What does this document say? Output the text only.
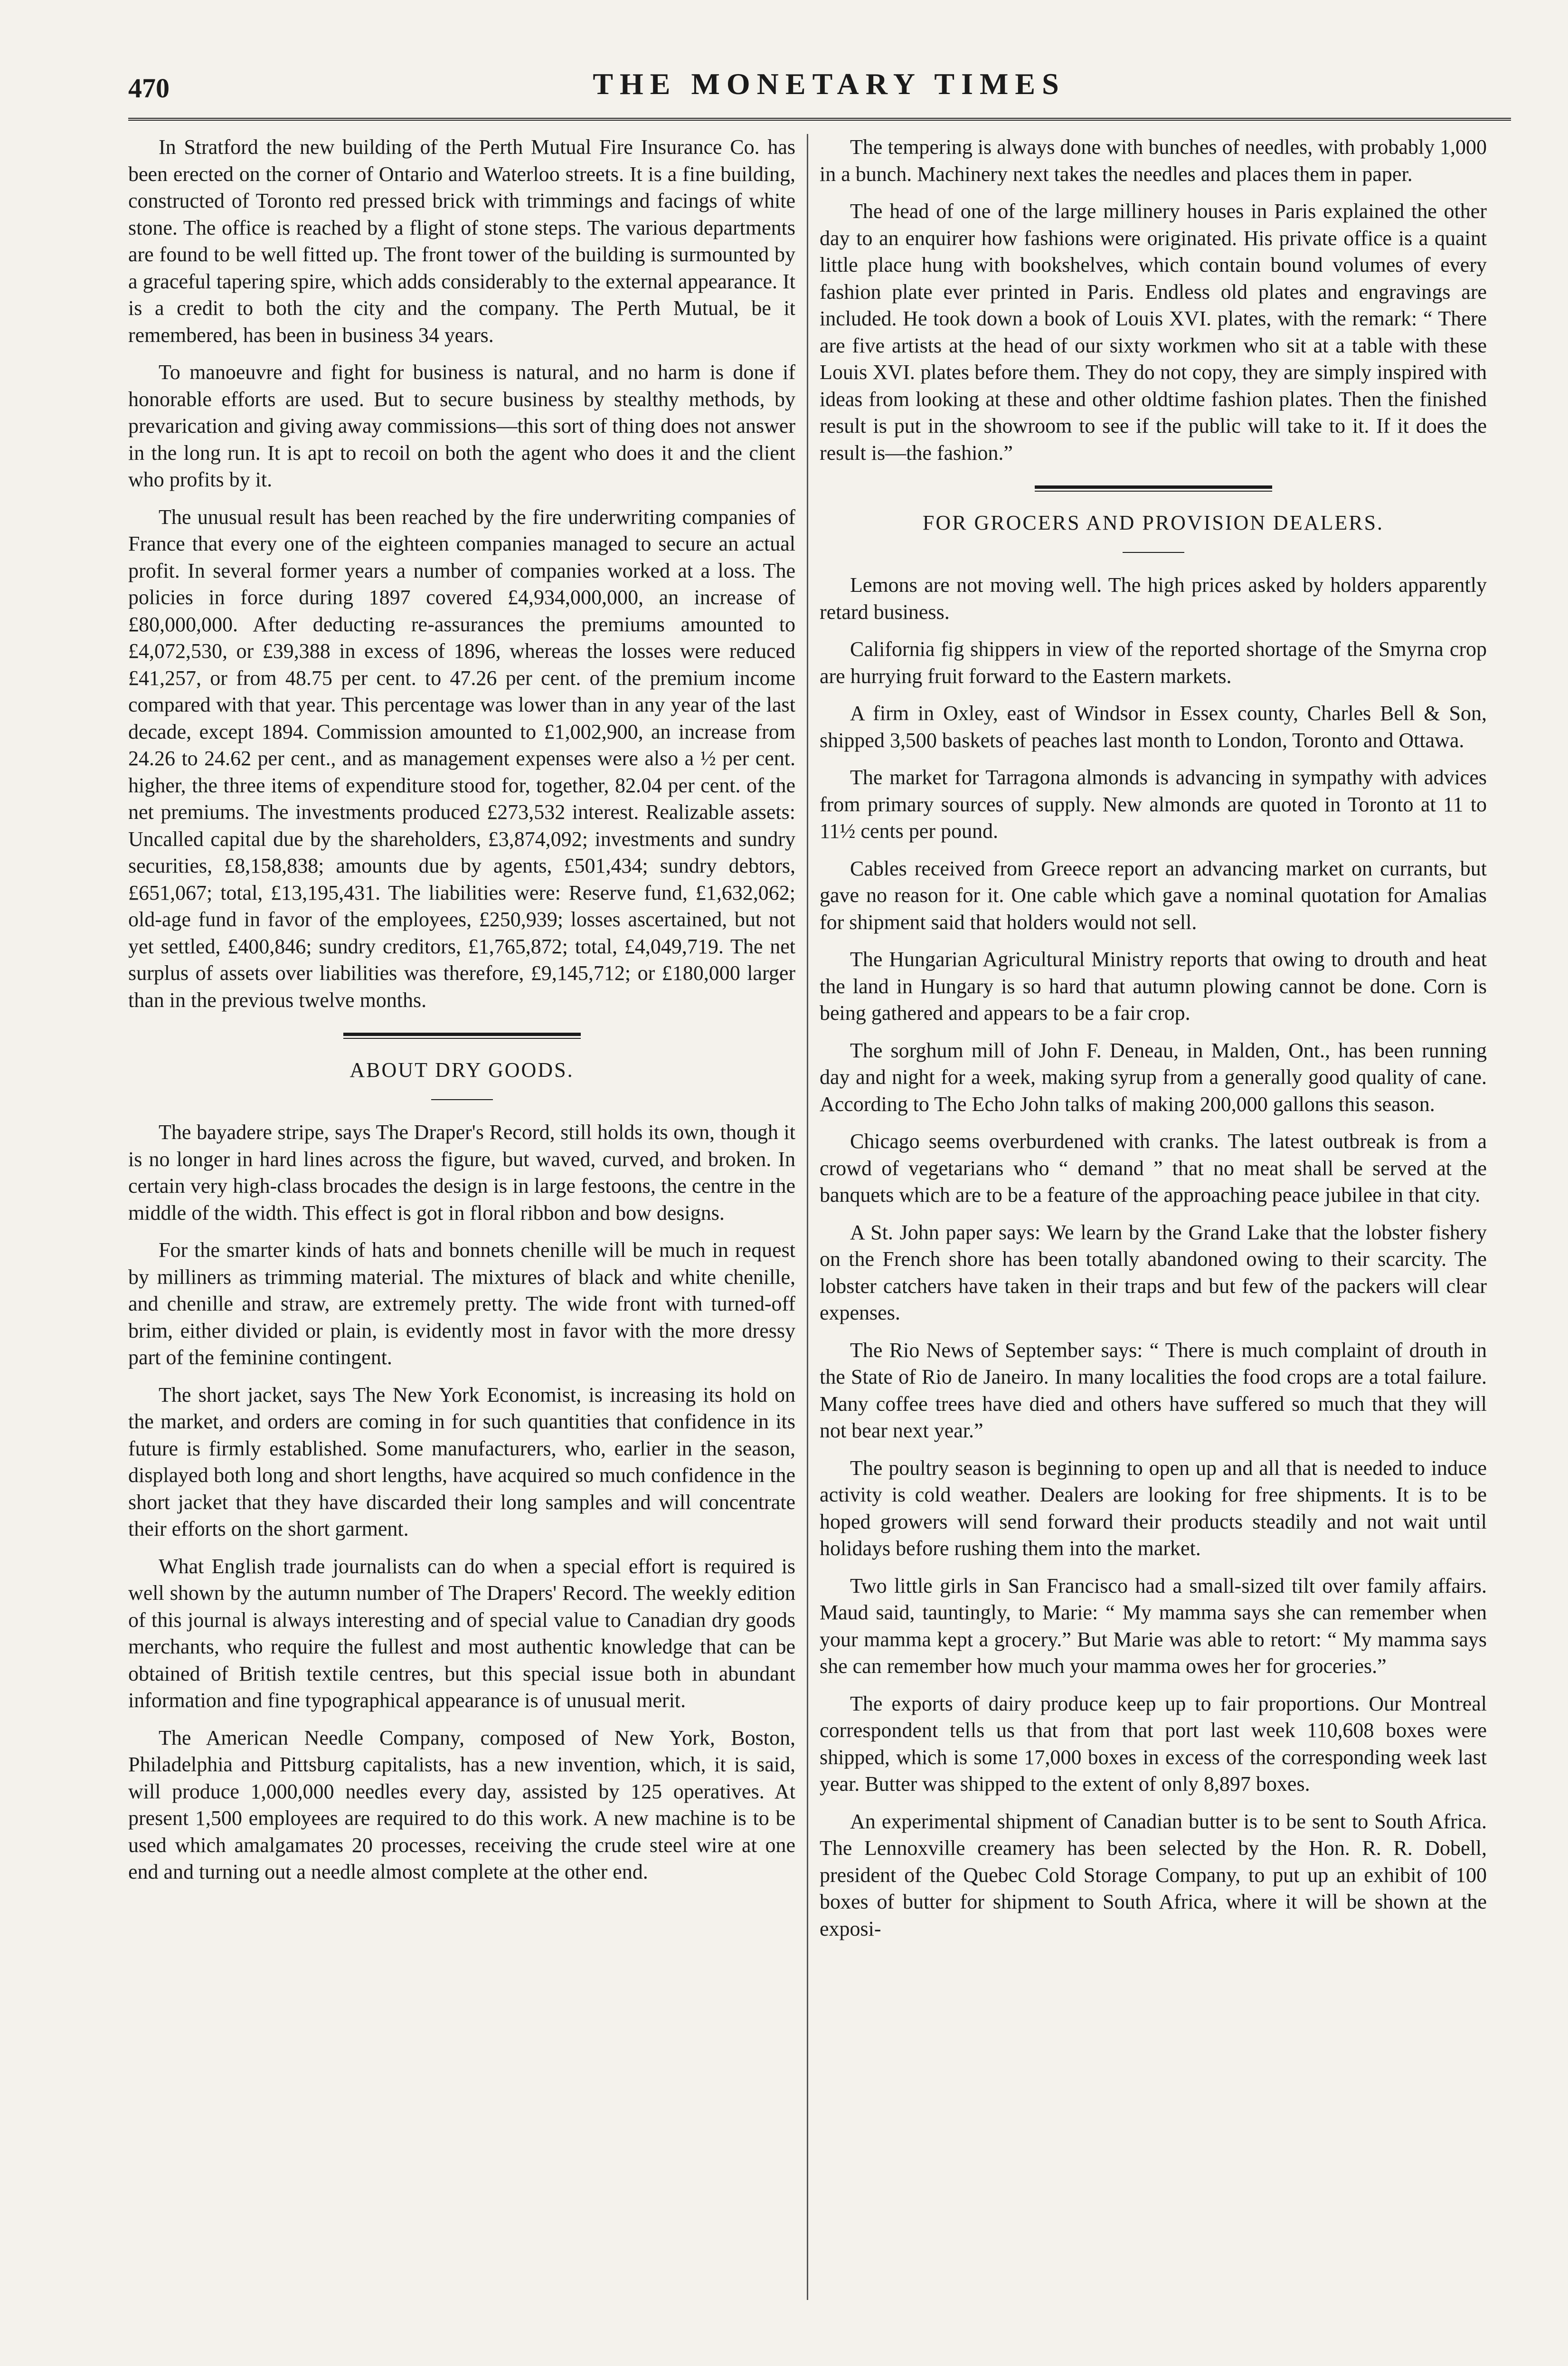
470	THE MONETARY TIMES

In Stratford the new building of the Perth Mutual Fire Insurance Co. has been erected on the corner of Ontario and Waterloo streets. It is a fine building, constructed of Toronto red pressed brick with trimmings and facings of white stone. The office is reached by a flight of stone steps. The various departments are found to be well fitted up. The front tower of the building is surmounted by a graceful tapering spire, which adds considerably to the external appearance. It is a credit to both the city and the company. The Perth Mutual, be it remembered, has been in business 34 years.

To manoeuvre and fight for business is natural, and no harm is done if honorable efforts are used. But to secure business by stealthy methods, by prevarication and giving away commissions—this sort of thing does not answer in the long run. It is apt to recoil on both the agent who does it and the client who profits by it.

The unusual result has been reached by the fire underwriting companies of France that every one of the eighteen companies managed to secure an actual profit. In several former years a number of companies worked at a loss. The policies in force during 1897 covered £4,934,000,000, an increase of £80,000,000. After deducting re-assurances the premiums amounted to £4,072,530, or £39,388 in excess of 1896, whereas the losses were reduced £41,257, or from 48.75 per cent. to 47.26 per cent. of the premium income compared with that year. This percentage was lower than in any year of the last decade, except 1894. Commission amounted to £1,002,900, an increase from 24.26 to 24.62 per cent., and as management expenses were also a ½ per cent. higher, the three items of expenditure stood for, together, 82.04 per cent. of the net premiums. The investments produced £273,532 interest. Realizable assets: Uncalled capital due by the shareholders, £3,874,092; investments and sundry securities, £8,158,838; amounts due by agents, £501,434; sundry debtors, £651,067; total, £13,195,431. The liabilities were: Reserve fund, £1,632,062; old-age fund in favor of the employees, £250,939; losses ascertained, but not yet settled, £400,846; sundry creditors, £1,765,872; total, £4,049,719. The net surplus of assets over liabilities was therefore, £9,145,712; or £180,000 larger than in the previous twelve months.

ABOUT DRY GOODS.

The bayadere stripe, says The Draper's Record, still holds its own, though it is no longer in hard lines across the figure, but waved, curved, and broken. In certain very high-class brocades the design is in large festoons, the centre in the middle of the width. This effect is got in floral ribbon and bow designs.

For the smarter kinds of hats and bonnets chenille will be much in request by milliners as trimming material. The mixtures of black and white chenille, and chenille and straw, are extremely pretty. The wide front with turned-off brim, either divided or plain, is evidently most in favor with the more dressy part of the feminine contingent.

The short jacket, says The New York Economist, is increasing its hold on the market, and orders are coming in for such quantities that confidence in its future is firmly established. Some manufacturers, who, earlier in the season, displayed both long and short lengths, have acquired so much confidence in the short jacket that they have discarded their long samples and will concentrate their efforts on the short garment.

What English trade journalists can do when a special effort is required is well shown by the autumn number of The Drapers' Record. The weekly edition of this journal is always interesting and of special value to Canadian dry goods merchants, who require the fullest and most authentic knowledge that can be obtained of British textile centres, but this special issue both in abundant information and fine typographical appearance is of unusual merit.

The American Needle Company, composed of New York, Boston, Philadelphia and Pittsburg capitalists, has a new invention, which, it is said, will produce 1,000,000 needles every day, assisted by 125 operatives. At present 1,500 employees are required to do this work. A new machine is to be used which amalgamates 20 processes, receiving the crude steel wire at one end and turning out a needle almost complete at the other end.

The tempering is always done with bunches of needles, with probably 1,000 in a bunch. Machinery next takes the needles and places them in paper.

The head of one of the large millinery houses in Paris explained the other day to an enquirer how fashions were originated. His private office is a quaint little place hung with bookshelves, which contain bound volumes of every fashion plate ever printed in Paris. Endless old plates and engravings are included. He took down a book of Louis XVI. plates, with the remark: “ There are five artists at the head of our sixty workmen who sit at a table with these Louis XVI. plates before them. They do not copy, they are simply inspired with ideas from looking at these and other oldtime fashion plates. Then the finished result is put in the showroom to see if the public will take to it. If it does the result is—the fashion.”

FOR GROCERS AND PROVISION DEALERS.

Lemons are not moving well. The high prices asked by holders apparently retard business.

California fig shippers in view of the reported shortage of the Smyrna crop are hurrying fruit forward to the Eastern markets.

A firm in Oxley, east of Windsor in Essex county, Charles Bell & Son, shipped 3,500 baskets of peaches last month to London, Toronto and Ottawa.

The market for Tarragona almonds is advancing in sympathy with advices from primary sources of supply. New almonds are quoted in Toronto at 11 to 11½ cents per pound.

Cables received from Greece report an advancing market on currants, but gave no reason for it. One cable which gave a nominal quotation for Amalias for shipment said that holders would not sell.

The Hungarian Agricultural Ministry reports that owing to drouth and heat the land in Hungary is so hard that autumn plowing cannot be done. Corn is being gathered and appears to be a fair crop.

The sorghum mill of John F. Deneau, in Malden, Ont., has been running day and night for a week, making syrup from a generally good quality of cane. According to The Echo John talks of making 200,000 gallons this season.

Chicago seems overburdened with cranks. The latest outbreak is from a crowd of vegetarians who “ demand ” that no meat shall be served at the banquets which are to be a feature of the approaching peace jubilee in that city.

A St. John paper says: We learn by the Grand Lake that the lobster fishery on the French shore has been totally abandoned owing to their scarcity. The lobster catchers have taken in their traps and but few of the packers will clear expenses.

The Rio News of September says: “ There is much complaint of drouth in the State of Rio de Janeiro. In many localities the food crops are a total failure. Many coffee trees have died and others have suffered so much that they will not bear next year.”

The poultry season is beginning to open up and all that is needed to induce activity is cold weather. Dealers are looking for free shipments. It is to be hoped growers will send forward their products steadily and not wait until holidays before rushing them into the market.

Two little girls in San Francisco had a small-sized tilt over family affairs. Maud said, tauntingly, to Marie: “ My mamma says she can remember when your mamma kept a grocery.” But Marie was able to retort: “ My mamma says she can remember how much your mamma owes her for groceries.”

The exports of dairy produce keep up to fair proportions. Our Montreal correspondent tells us that from that port last week 110,608 boxes were shipped, which is some 17,000 boxes in excess of the corresponding week last year. Butter was shipped to the extent of only 8,897 boxes.

An experimental shipment of Canadian butter is to be sent to South Africa. The Lennoxville creamery has been selected by the Hon. R. R. Dobell, president of the Quebec Cold Storage Company, to put up an exhibit of 100 boxes of butter for shipment to South Africa, where it will be shown at the exposi-
